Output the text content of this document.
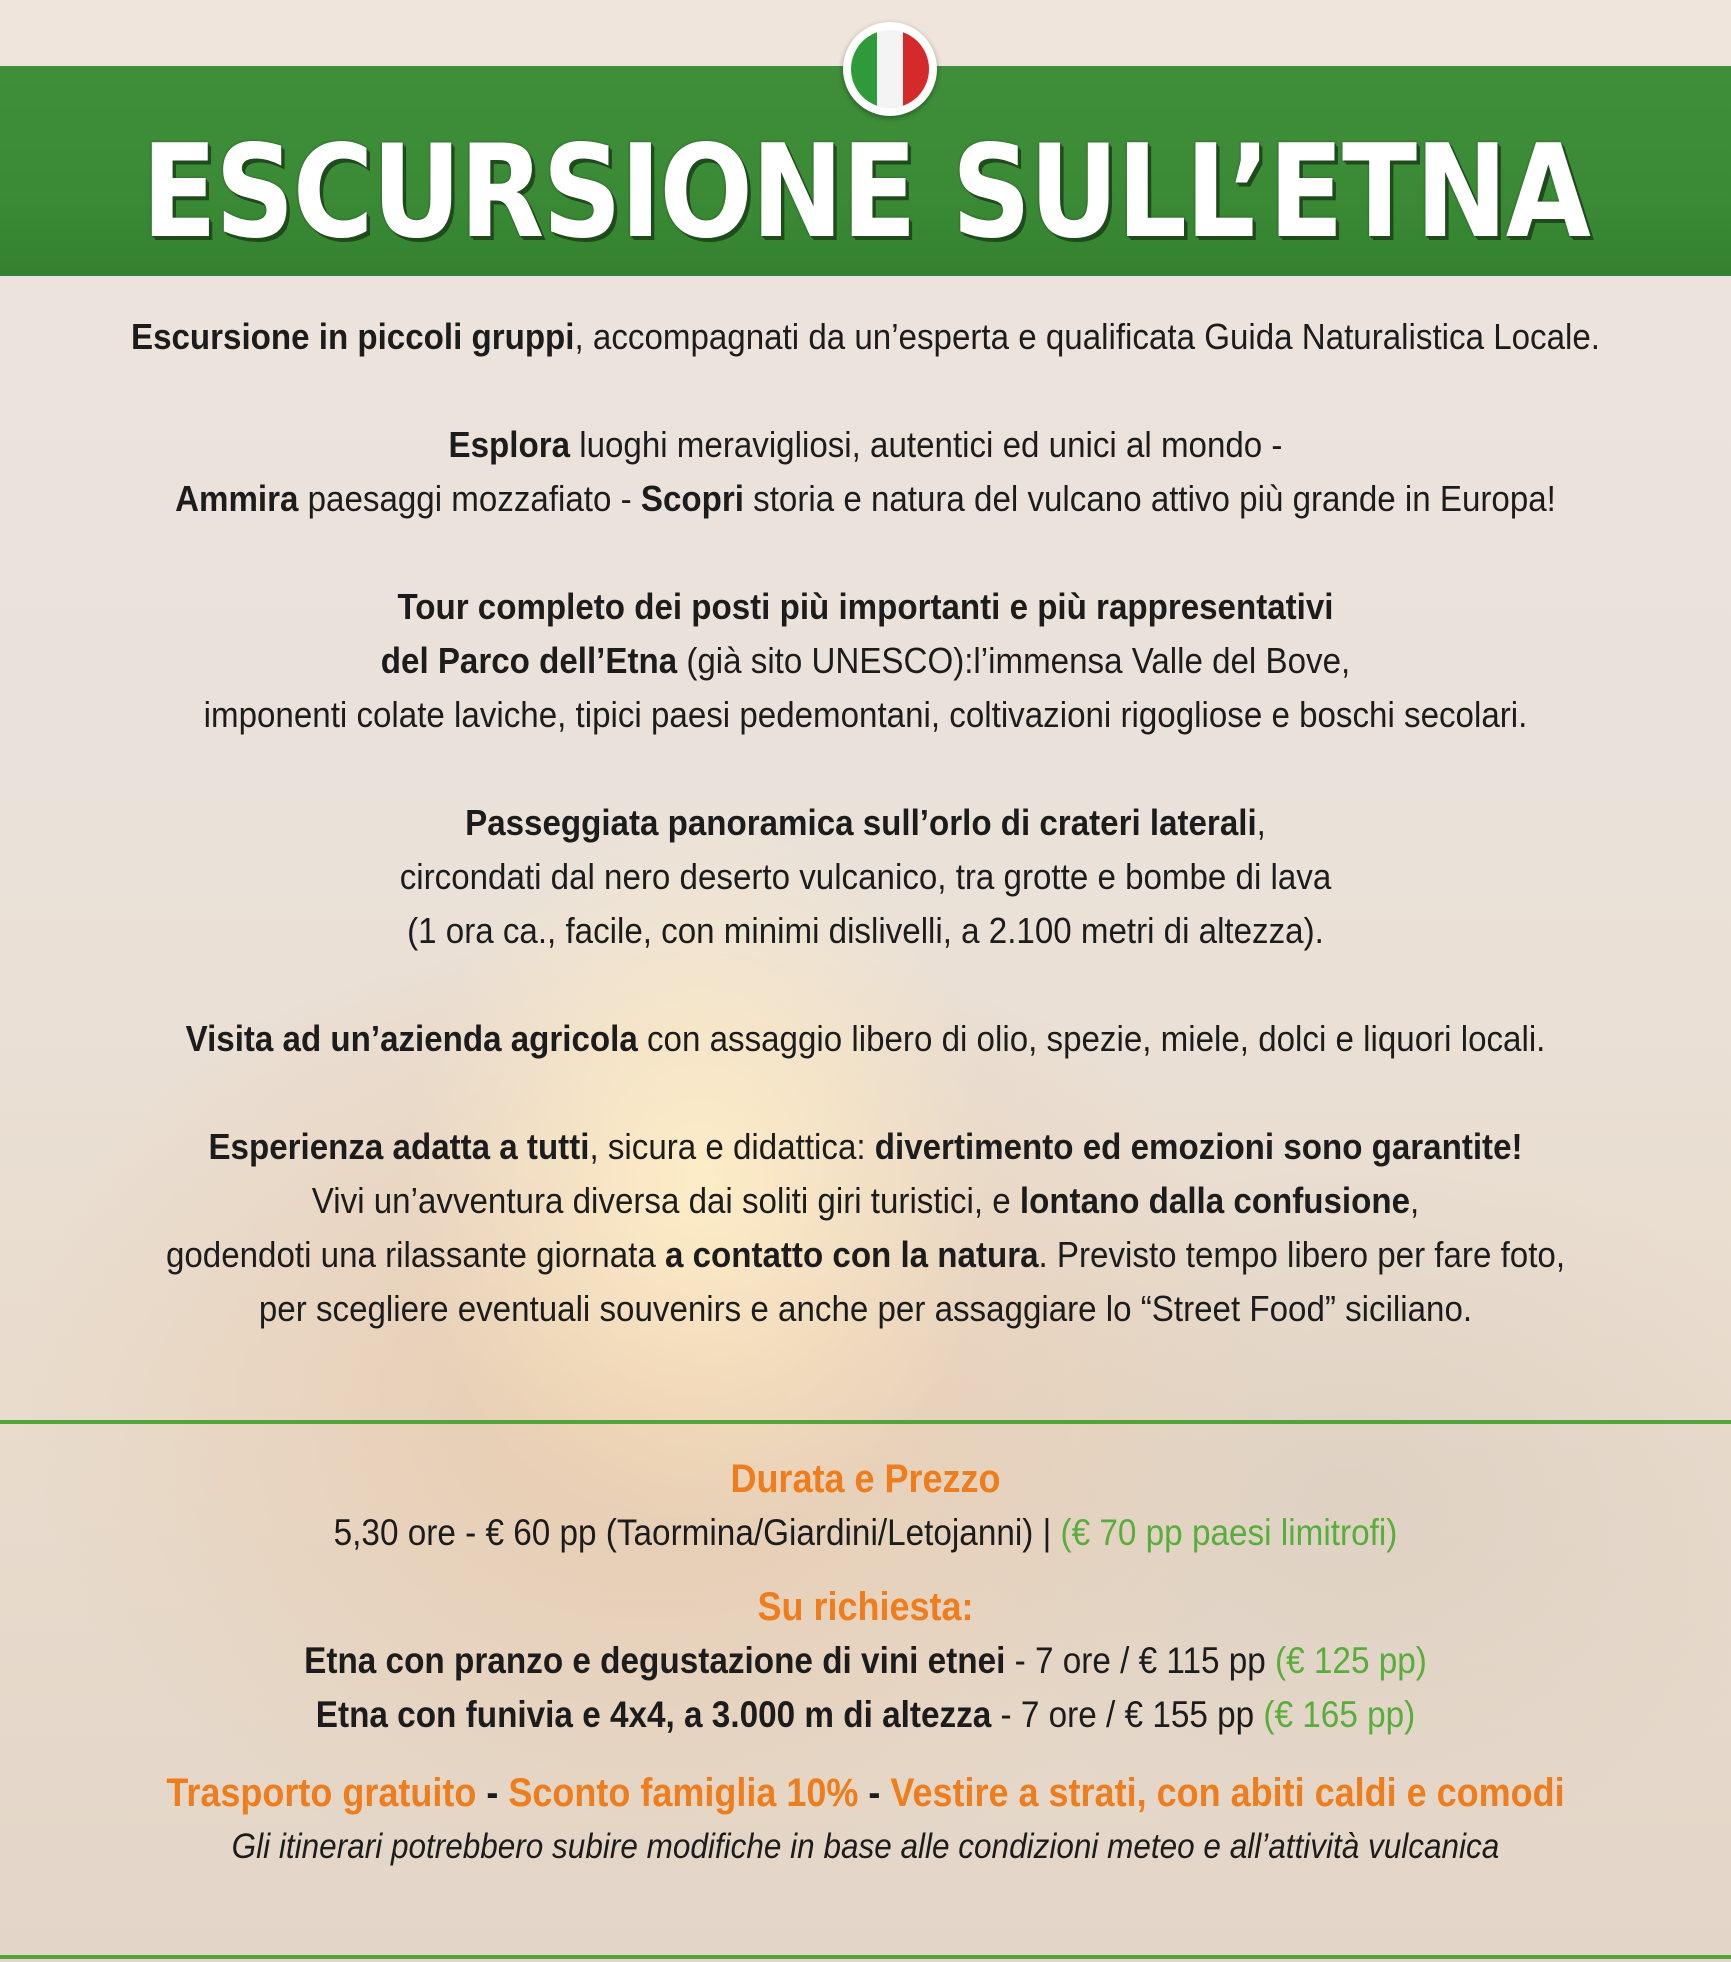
ESCURSIONE SULL’ETNA

Escursione in piccoli gruppi, accompagnati da un’esperta e qualificata Guida Naturalistica Locale.

Esplora luoghi meravigliosi, autentici ed unici al mondo -

Ammira paesaggi mozzafiato - Scopri storia e natura del vulcano attivo più grande in Europa!

Tour completo dei posti più importanti e più rappresentativi

del Parco dell’Etna (già sito UNESCO):l’immensa Valle del Bove,

imponenti colate laviche, tipici paesi pedemontani, coltivazioni rigogliose e boschi secolari.

Passeggiata panoramica sull’orlo di crateri laterali,

circondati dal nero deserto vulcanico, tra grotte e bombe di lava

(1 ora ca., facile, con minimi dislivelli, a 2.100 metri di altezza).

Visita ad un’azienda agricola con assaggio libero di olio, spezie, miele, dolci e liquori locali.

Esperienza adatta a tutti, sicura e didattica: divertimento ed emozioni sono garantite!

Vivi un’avventura diversa dai soliti giri turistici, e lontano dalla confusione,

godendoti una rilassante giornata a contatto con la natura. Previsto tempo libero per fare foto,

per scegliere eventuali souvenirs e anche per assaggiare lo “Street Food” siciliano.

Durata e Prezzo

5,30 ore - € 60 pp (Taormina/Giardini/Letojanni) | (€ 70 pp paesi limitrofi)

Su richiesta:

Etna con pranzo e degustazione di vini etnei - 7 ore / € 115 pp (€ 125 pp)

Etna con funivia e 4x4, a 3.000 m di altezza - 7 ore / € 155 pp (€ 165 pp)

Trasporto gratuito - Sconto famiglia 10% - Vestire a strati, con abiti caldi e comodi

Gli itinerari potrebbero subire modifiche in base alle condizioni meteo e all’attività vulcanica
